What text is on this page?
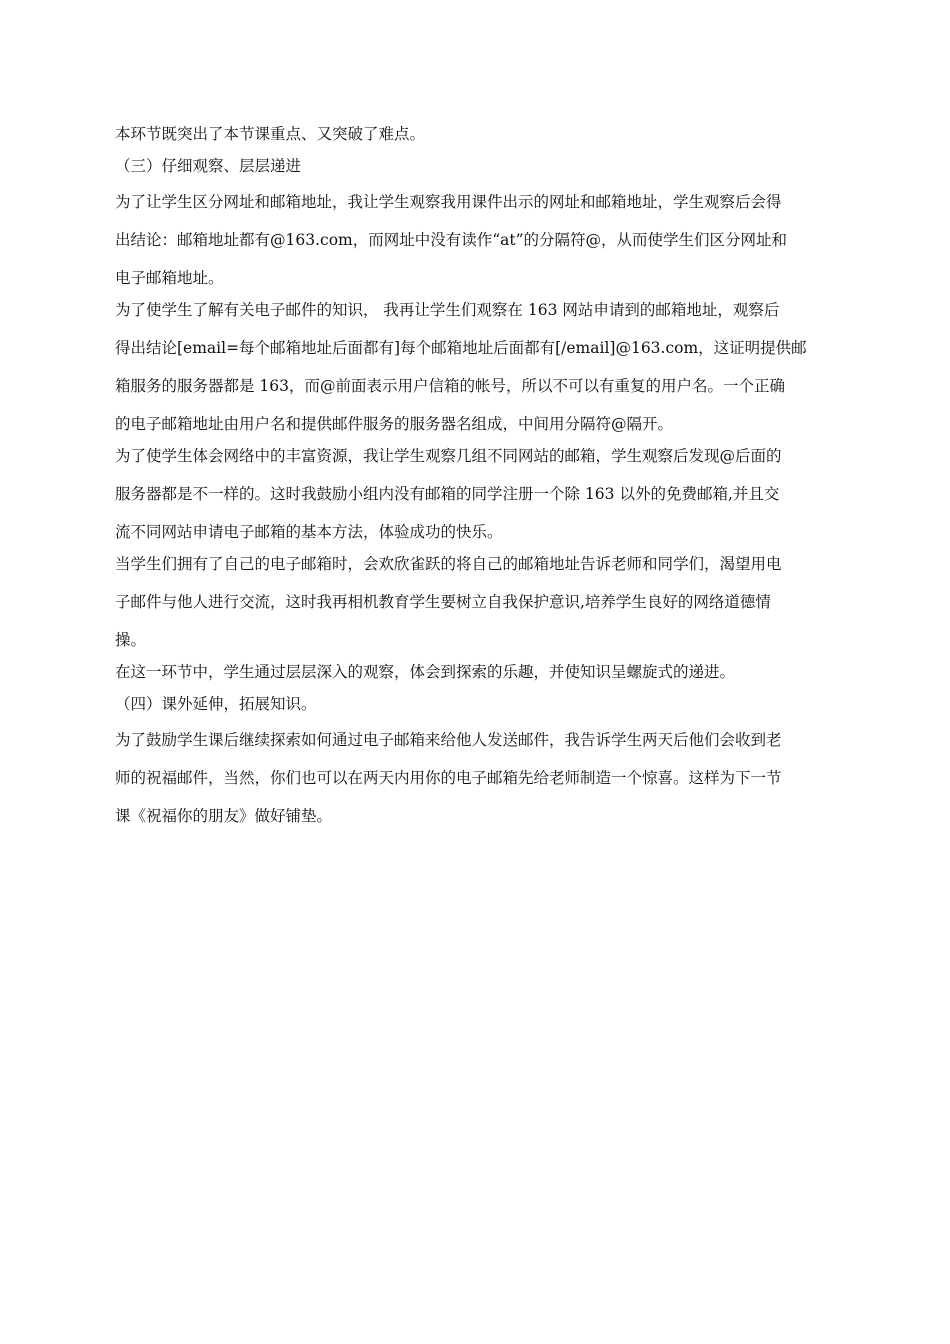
本环节既突出了本节课重点、又突破了难点。

（三）仔细观察、层层递进

为了让学生区分网址和邮箱地址，我让学生观察我用课件出示的网址和邮箱地址，学生观察后会得

出结论：邮箱地址都有@163.com，而网址中没有读作“at”的分隔符@，从而使学生们区分网址和

电子邮箱地址。

为了使学生了解有关电子邮件的知识， 我再让学生们观察在 163 网站申请到的邮箱地址，观察后

得出结论[email=每个邮箱地址后面都有]每个邮箱地址后面都有[/email]@163.com，这证明提供邮

箱服务的服务器都是 163，而@前面表示用户信箱的帐号，所以不可以有重复的用户名。一个正确

的电子邮箱地址由用户名和提供邮件服务的服务器名组成，中间用分隔符@隔开。

为了使学生体会网络中的丰富资源，我让学生观察几组不同网站的邮箱，学生观察后发现@后面的

服务器都是不一样的。这时我鼓励小组内没有邮箱的同学注册一个除 163 以外的免费邮箱,并且交

流不同网站申请电子邮箱的基本方法，体验成功的快乐。

当学生们拥有了自己的电子邮箱时，会欢欣雀跃的将自己的邮箱地址告诉老师和同学们，渴望用电

子邮件与他人进行交流，这时我再相机教育学生要树立自我保护意识,培养学生良好的网络道德情

操。

在这一环节中，学生通过层层深入的观察，体会到探索的乐趣，并使知识呈螺旋式的递进。

（四）课外延伸，拓展知识。

为了鼓励学生课后继续探索如何通过电子邮箱来给他人发送邮件，我告诉学生两天后他们会收到老

师的祝福邮件，当然，你们也可以在两天内用你的电子邮箱先给老师制造一个惊喜。这样为下一节

课《祝福你的朋友》做好铺垫。
